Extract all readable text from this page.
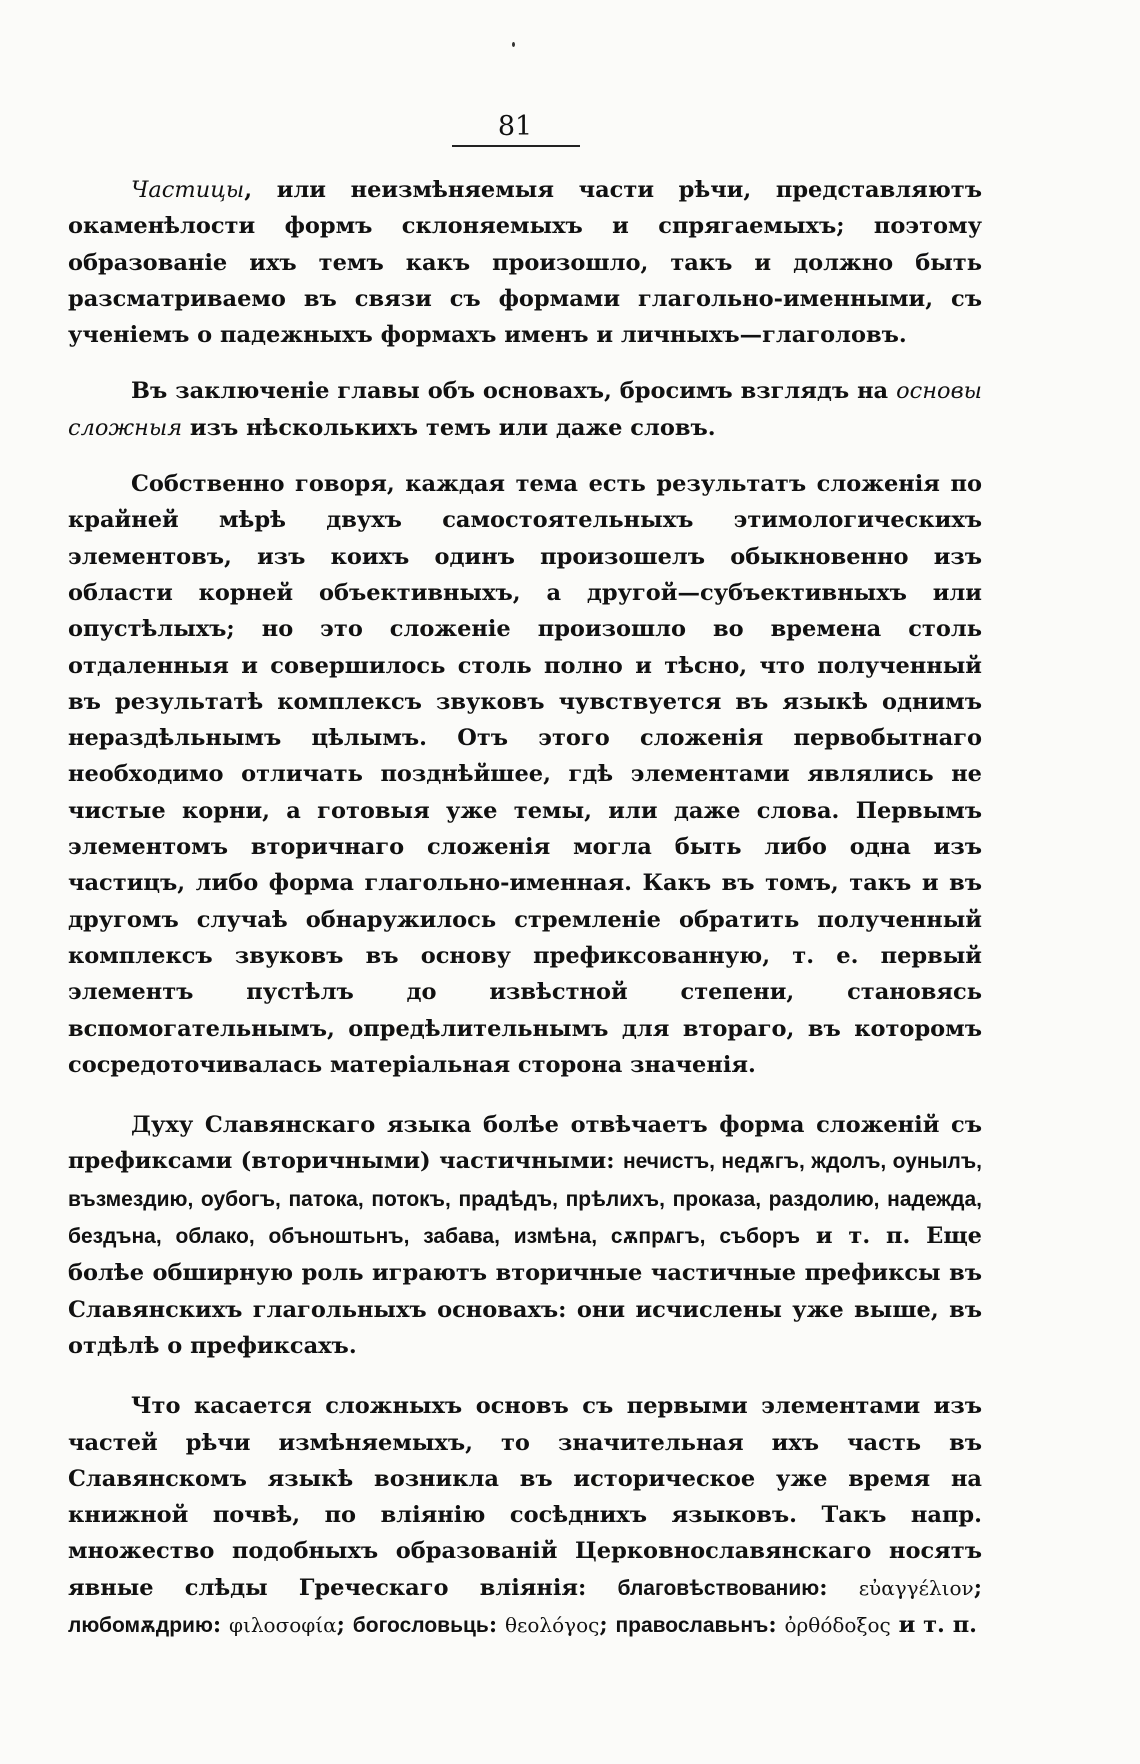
81

Частицы, или неизмѣняемыя части рѣчи, представляютъ окаменѣлости формъ склоняемыхъ и спрягаемыхъ; поэтому образованіе ихъ темъ какъ произошло, такъ и должно быть разсматриваемо въ связи съ формами глагольно-именными, съ ученіемъ о падежныхъ формахъ именъ и личныхъ—глаголовъ.

Въ заключеніе главы объ основахъ, бросимъ взглядъ на основы сложныя изъ нѣсколькихъ темъ или даже словъ.

Собственно говоря, каждая тема есть результатъ сложенія по крайней мѣрѣ двухъ самостоятельныхъ этимологическихъ элементовъ, изъ коихъ одинъ произошелъ обыкновенно изъ области корней объективныхъ, а другой—субъективныхъ или опустѣлыхъ; но это сложеніе произошло во времена столь отдаленныя и совершилось столь полно и тѣсно, что полученный въ результатѣ комплексъ звуковъ чувствуется въ языкѣ однимъ нераздѣльнымъ цѣлымъ. Отъ этого сложенія первобытнаго необходимо отличать позднѣйшее, гдѣ элементами являлись не чистые корни, а готовыя уже темы, или даже слова. Первымъ элементомъ вторичнаго сложенія могла быть либо одна изъ частицъ, либо форма глагольно-именная. Какъ въ томъ, такъ и въ другомъ случаѣ обнаружилось стремленіе обратить полученный комплексъ звуковъ въ основу префиксованную, т. е. первый элементъ пустѣлъ до извѣстной степени, становясь вспомогательнымъ, опредѣлительнымъ для втораго, въ которомъ сосредоточивалась матеріальная сторона значенія.

Духу Славянскаго языка болѣе отвѣчаетъ форма сложеній съ префиксами (вторичными) частичными: нечистъ, недѫгъ, ждолъ, оунылъ, възмездию, оубогъ, патока, потокъ, прадѣдъ, прѣлихъ, проказа, раздолию, надежда, бездъна, облако, объноштьнъ, забава, измѣна, сѫпрѧгъ, съборъ и т. п. Еще болѣе обширную роль играютъ вторичные частичные префиксы въ Славянскихъ глагольныхъ основахъ: они исчислены уже выше, въ отдѣлѣ о префиксахъ.

Что касается сложныхъ основъ съ первыми элементами изъ частей рѣчи измѣняемыхъ, то значительная ихъ часть въ Славянскомъ языкѣ возникла въ историческое уже время на книжной почвѣ, по вліянію сосѣднихъ языковъ. Такъ напр. множество подобныхъ образованій Церковнославянскаго носятъ явные слѣды Греческаго вліянія: благовѣствованию: εὐαγγέλιον; любомѫдрию: φιλοσοφία; богословьць: θεολόγος; православьнъ: ὀρθόδοξος и т. п.
